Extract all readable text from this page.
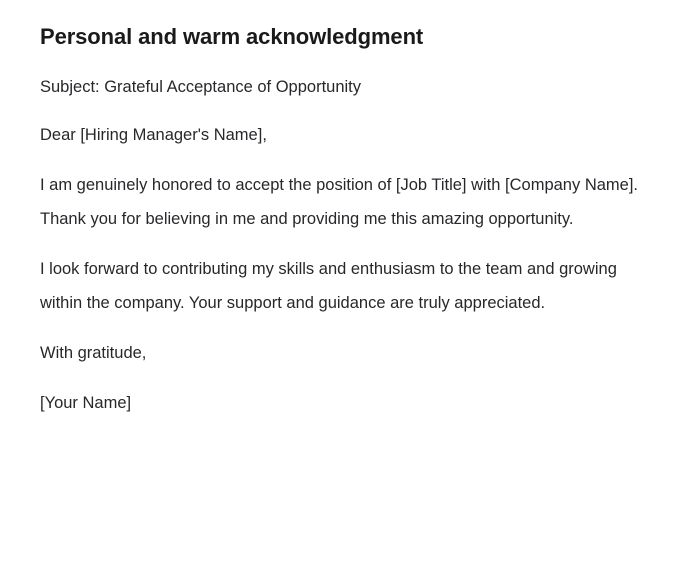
Personal and warm acknowledgment

Subject: Grateful Acceptance of Opportunity

Dear [Hiring Manager's Name],

I am genuinely honored to accept the position of [Job Title] with [Company Name]. Thank you for believing in me and providing me this amazing opportunity.

I look forward to contributing my skills and enthusiasm to the team and growing within the company. Your support and guidance are truly appreciated.

With gratitude,

[Your Name]
